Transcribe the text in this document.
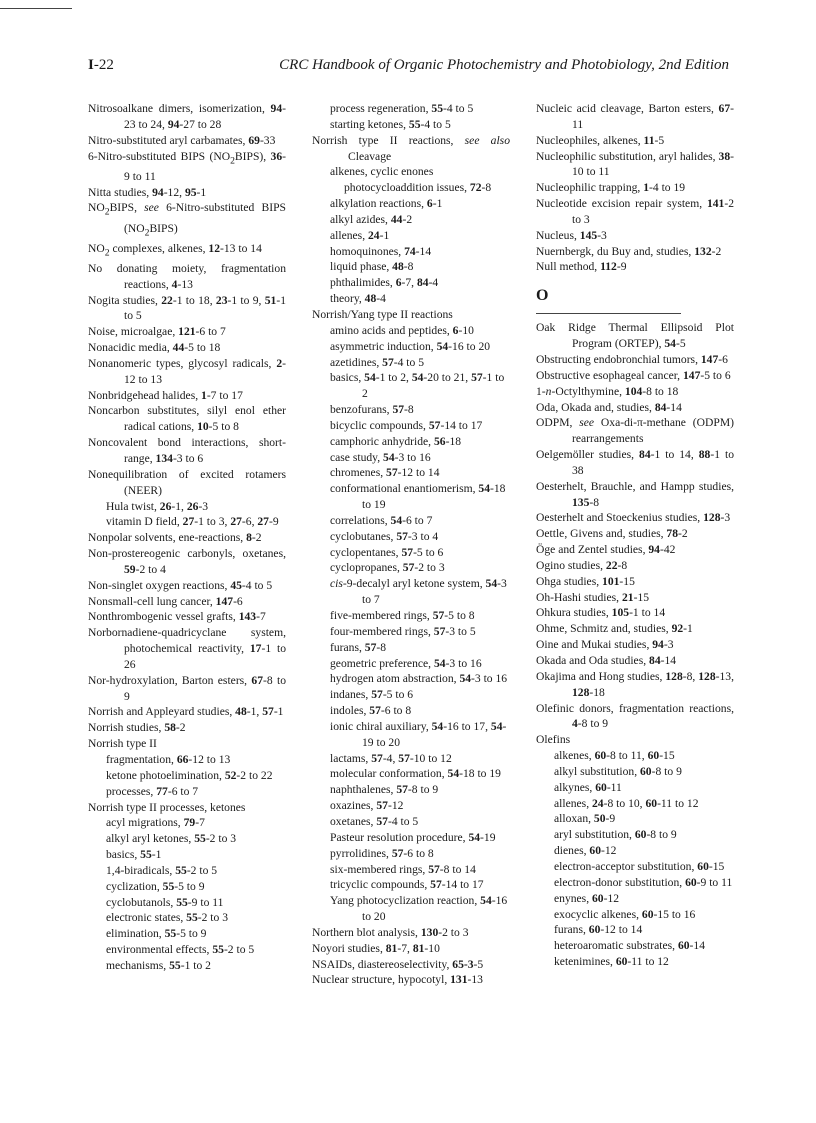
I-22	CRC Handbook of Organic Photochemistry and Photobiology, 2nd Edition
Nitrosoalkane dimers, isomerization, 94-23 to 24, 94-27 to 28
Nitro-substituted aryl carbamates, 69-33
6-Nitro-substituted BIPS $(NO_2BIPS)$, 36-9 to 11
Nitta studies, 94-12, 95-1
$NO_2BIPS$, see 6-Nitro-substituted BIPS $(NO_2BIPS)$
$NO_2$ complexes, alkenes, 12-13 to 14
No donating moiety, fragmentation reactions, 4-13
Nogita studies, 22-1 to 18, 23-1 to 9, 51-1 to 5
Noise, microalgae, 121-6 to 7
Nonacidic media, 44-5 to 18
Nonanomeric types, glycosyl radicals, 2-12 to 13
Nonbridgehead halides, 1-7 to 17
Noncarbon substitutes, silyl enol ether radical cations, 10-5 to 8
Noncovalent bond interactions, short-range, 134-3 to 6
Nonequilibration of excited rotamers (NEER)
Hula twist, 26-1, 26-3
vitamin D field, 27-1 to 3, 27-6, 27-9
Nonpolar solvents, ene-reactions, 8-2
Non-prostereogenic carbonyls, oxetanes, 59-2 to 4
Non-singlet oxygen reactions, 45-4 to 5
Nonsmall-cell lung cancer, 147-6
Nonthrombogenic vessel grafts, 143-7
Norbornadiene-quadricyclane system, photochemical reactivity, 17-1 to 26
Nor-hydroxylation, Barton esters, 67-8 to 9
Norrish and Appleyard studies, 48-1, 57-1
Norrish studies, 58-2
Norrish type II
fragmentation, 66-12 to 13
ketone photoelimination, 52-2 to 22
processes, 77-6 to 7
Norrish type II processes, ketones
acyl migrations, 79-7
alkyl aryl ketones, 55-2 to 3
basics, 55-1
1,4-biradicals, 55-2 to 5
cyclization, 55-5 to 9
cyclobutanols, 55-9 to 11
electronic states, 55-2 to 3
elimination, 55-5 to 9
environmental effects, 55-2 to 5
mechanisms, 55-1 to 2
process regeneration, 55-4 to 5
starting ketones, 55-4 to 5
Norrish type II reactions, see also Cleavage
alkenes, cyclic enones
photocycloaddition issues, 72-8
alkylation reactions, 6-1
alkyl azides, 44-2
allenes, 24-1
homoquinones, 74-14
liquid phase, 48-8
phthalimides, 6-7, 84-4
theory, 48-4
Norrish/Yang type II reactions
amino acids and peptides, 6-10
asymmetric induction, 54-16 to 20
azetidines, 57-4 to 5
basics, 54-1 to 2, 54-20 to 21, 57-1 to 2
benzofurans, 57-8
bicyclic compounds, 57-14 to 17
camphoric anhydride, 56-18
case study, 54-3 to 16
chromenes, 57-12 to 14
conformational enantiomerism, 54-18 to 19
correlations, 54-6 to 7
cyclobutanes, 57-3 to 4
cyclopentanes, 57-5 to 6
cyclopropanes, 57-2 to 3
cis-9-decalyl aryl ketone system, 54-3 to 7
five-membered rings, 57-5 to 8
four-membered rings, 57-3 to 5
furans, 57-8
geometric preference, 54-3 to 16
hydrogen atom abstraction, 54-3 to 16
indanes, 57-5 to 6
indoles, 57-6 to 8
ionic chiral auxiliary, 54-16 to 17, 54-19 to 20
lactams, 57-4, 57-10 to 12
molecular conformation, 54-18 to 19
naphthalenes, 57-8 to 9
oxazines, 57-12
oxetanes, 57-4 to 5
Pasteur resolution procedure, 54-19
pyrrolidines, 57-6 to 8
six-membered rings, 57-8 to 14
tricyclic compounds, 57-14 to 17
Yang photocyclization reaction, 54-16 to 20
Northern blot analysis, 130-2 to 3
Noyori studies, 81-7, 81-10
NSAIDs, diastereoselectivity, 65-3-5
Nuclear structure, hypocotyl, 131-13
Nucleic acid cleavage, Barton esters, 67-11
Nucleophiles, alkenes, 11-5
Nucleophilic substitution, aryl halides, 38-10 to 11
Nucleophilic trapping, 1-4 to 19
Nucleotide excision repair system, 141-2 to 3
Nucleus, 145-3
Nuernbergk, du Buy and, studies, 132-2
Null method, 112-9
O
Oak Ridge Thermal Ellipsoid Plot Program (ORTEP), 54-5
Obstructing endobronchial tumors, 147-6
Obstructive esophageal cancer, 147-5 to 6
1-n-Octylthymine, 104-8 to 18
Oda, Okada and, studies, 84-14
ODPM, see Oxa-di-π-methane (ODPM) rearrangements
Oelgemöller studies, 84-1 to 14, 88-1 to 38
Oesterhelt, Brauchle, and Hampp studies, 135-8
Oesterhelt and Stoeckenius studies, 128-3
Oettle, Givens and, studies, 78-2
Öge and Zentel studies, 94-42
Ogino studies, 22-8
Ohga studies, 101-15
Oh-Hashi studies, 21-15
Ohkura studies, 105-1 to 14
Ohme, Schmitz and, studies, 92-1
Oine and Mukai studies, 94-3
Okada and Oda studies, 84-14
Okajima and Hong studies, 128-8, 128-13, 128-18
Olefinic donors, fragmentation reactions, 4-8 to 9
Olefins
alkenes, 60-8 to 11, 60-15
alkyl substitution, 60-8 to 9
alkynes, 60-11
allenes, 24-8 to 10, 60-11 to 12
alloxan, 50-9
aryl substitution, 60-8 to 9
dienes, 60-12
electron-acceptor substitution, 60-15
electron-donor substitution, 60-9 to 11
enynes, 60-12
exocyclic alkenes, 60-15 to 16
furans, 60-12 to 14
heteroaromatic substrates, 60-14
ketenimines, 60-11 to 12
